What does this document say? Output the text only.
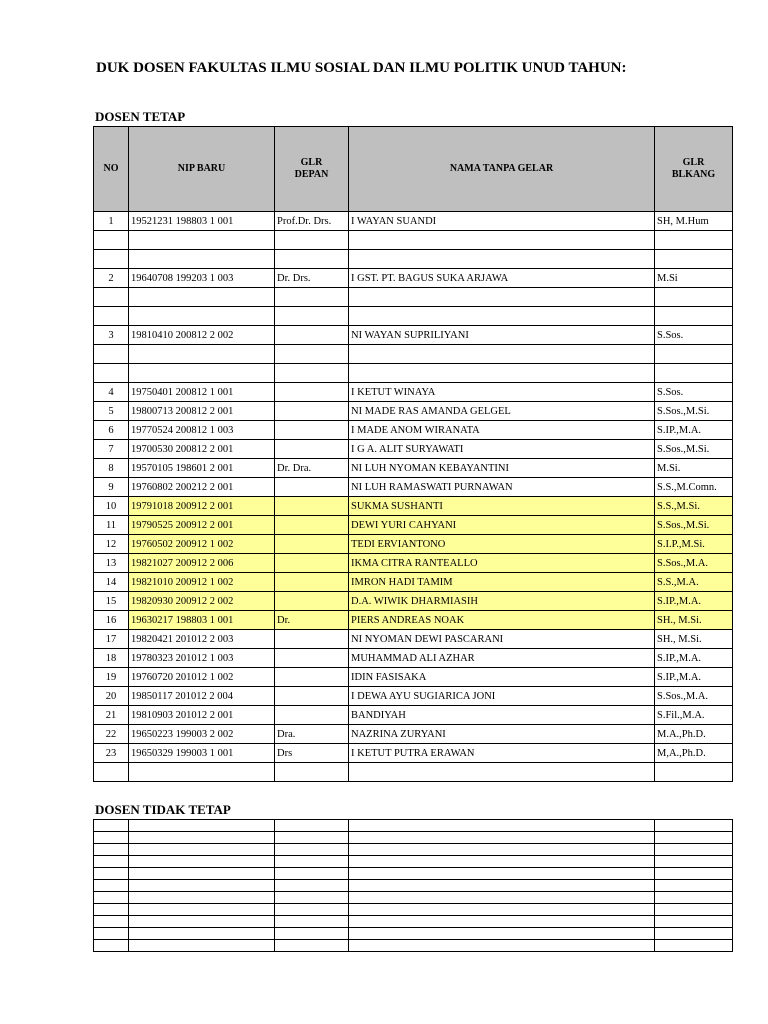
DUK DOSEN FAKULTAS ILMU SOSIAL DAN ILMU POLITIK UNUD TAHUN:
DOSEN TETAP
NO	NIP BARU	GLR DEPAN	NAMA TANPA GELAR	GLR BLKANG
1	19521231 198803 1 001	Prof.Dr. Drs.	I WAYAN SUANDI	SH, M.Hum

2	19640708 199203 1 003	Dr. Drs.	I GST. PT. BAGUS SUKA ARJAWA	M.Si

3	19810410 200812 2 002		NI WAYAN SUPRILIYANI	S.Sos.

4	19750401 200812 1 001		I KETUT WINAYA	S.Sos.
5	19800713 200812 2 001		NI MADE RAS AMANDA GELGEL	S.Sos.,M.Si.
6	19770524 200812 1 003		I MADE ANOM WIRANATA	S.IP.,M.A.
7	19700530 200812 2 001		I G A. ALIT SURYAWATI	S.Sos.,M.Si.
8	19570105 198601 2 001	Dr. Dra.	NI LUH NYOMAN KEBAYANTINI	M.Si.
9	19760802 200212 2 001		NI LUH RAMASWATI PURNAWAN	S.S.,M.Comn.
10	19791018 200912 2 001		SUKMA SUSHANTI	S.S.,M.Si.
11	19790525 200912 2 001		DEWI YURI CAHYANI	S.Sos.,M.Si.
12	19760502 200912 1 002		TEDI ERVIANTONO	S.I.P.,M.Si.
13	19821027 200912 2 006		IKMA CITRA RANTEALLO	S.Sos.,M.A.
14	19821010 200912 1 002		IMRON HADI TAMIM	S.S.,M.A.
15	19820930 200912 2 002		D.A. WIWIK DHARMIASIH	S.IP.,M.A.
16	19630217 198803 1 001	Dr.	PIERS ANDREAS NOAK	SH., M.Si.
17	19820421 201012 2 003		NI NYOMAN DEWI PASCARANI	SH., M.Si.
18	19780323 201012 1 003		MUHAMMAD ALI AZHAR	S.IP.,M.A.
19	19760720 201012 1 002		IDIN FASISAKA	S.IP.,M.A.
20	19850117 201012 2 004		I DEWA AYU SUGIARICA JONI	S.Sos.,M.A.
21	19810903 201012 2 001		BANDIYAH	S.Fil.,M.A.
22	19650223 199003 2 002	Dra.	NAZRINA ZURYANI	M.A.,Ph.D.
23	19650329 199003 1 001	Drs	I KETUT PUTRA ERAWAN	M,A.,Ph.D.

DOSEN TIDAK TETAP
